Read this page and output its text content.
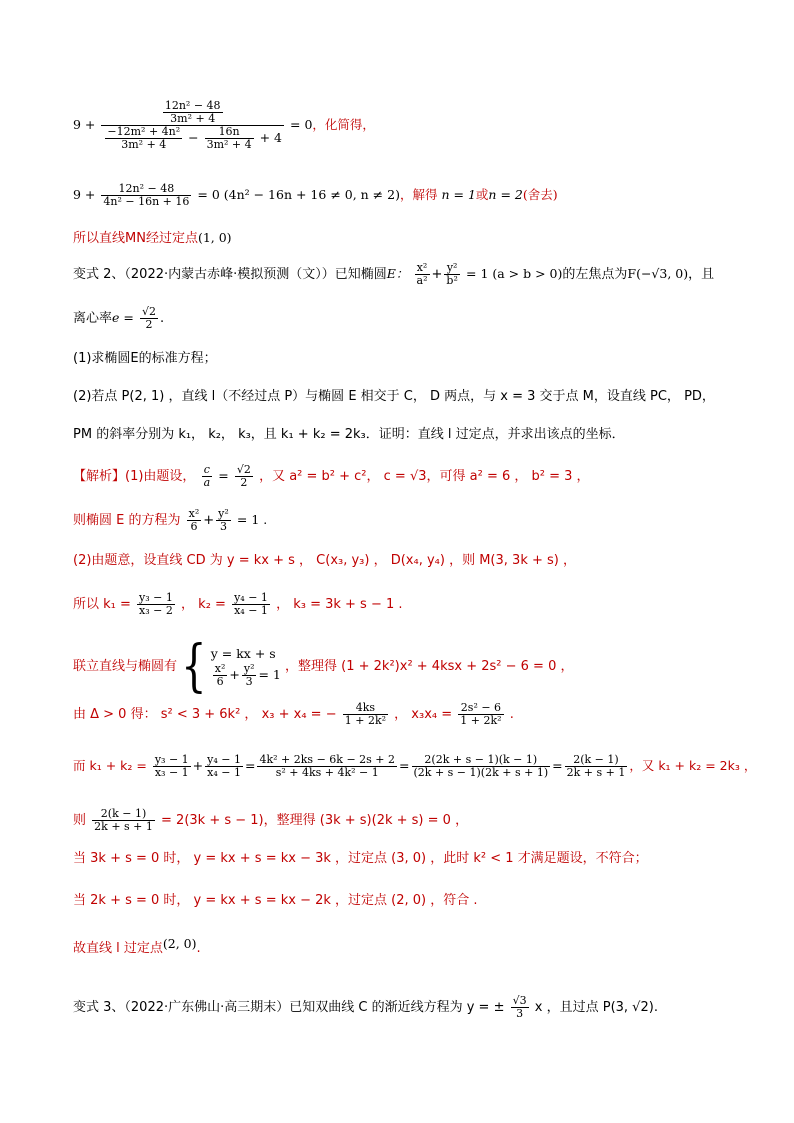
$9 + \frac{\frac{\text{12n² − 48}}{\text{3m² + 4}}}{\frac{\text{−12m² + 4n²}}{\text{3m² + 4}} - \frac{16n}{\text{3m² + 4}} + 4} = 0$，化简得，
$9 + \frac{\text{12n² − 48}}{\text{4n² − 16n + 16}} = 0$ (4n² − 16n + 16 ≠ 0, n ≠ 2)，解得 n = 1或n = 2(舍去)
所以直线MN经过定点(1, 0)
变式 2、（2022·内蒙古赤峰·模拟预测（文））已知椭圆E： $\frac{\text{x²}}{\text{a²}} + \frac{\text{y²}}{\text{b²}} = 1$ (a > b > 0)的左焦点为F(−√3, 0)，且
离心率$e = \frac{√2}{2}$ .
(1)求椭圆E的标准方程；
(2)若点 P(2, 1) ，直线 l（不经过点 P）与椭圆 E 相交于 C， D 两点，与 x = 3 交于点 M，设直线 PC， PD，
PM 的斜率分别为 k₁， k₂， k₃，且 k₁ + k₂ = 2k₃．证明：直线 l 过定点，并求出该点的坐标．
【解析】(1)由题设， $\frac{c}{a} = \frac{√2}{2}$ ，又 a² = b² + c²， c = √3，可得 a² = 6 ， b² = 3 ，
则椭圆 E 的方程为 $\frac{\text{x²}}{6} + \frac{\text{y²}}{3} = 1$ .
(2)由题意，设直线 CD 为 y = kx + s ， C(x₃, y₃) ， D(x₄, y₄) ，则 M(3, 3k + s) ，
所以 $k_1 = \frac{\text{y₃ − 1}}{\text{x₃ − 2}}$ ， $k_2 = \frac{\text{y₄ − 1}}{\text{x₄ − 1}}$ ， k₃ = 3k + s − 1 .
联立直线与椭圆有 { y = kx + s
$\frac{\text{x²}}{6} + \frac{\text{y²}}{3} = 1$
，整理得 (1 + 2k²)x² + 4ksx + 2s² − 6 = 0 ，
由 Δ > 0 得： s² < 3 + 6k² ， x₃ + x₄ = − $\frac{4ks}{\text{1 + 2k²}}$ ， $x_3x_4 = \frac{\text{2s² − 6}}{\text{1 + 2k²}}$ .
而 $k_1 + k_2 = \frac{\text{y₃ − 1}}{\text{x₃ − 1}} + \frac{\text{y₄ − 1}}{\text{x₄ − 1}} = \frac{\text{4k² + 2ks − 6k − 2s + 2}}{\text{s² + 4ks + 4k² − 1}} = \frac{2(2k + s - 1)(k - 1)}{(2k + s - 1)(2k + s + 1)} = \frac{2(k - 1)}{2k + s + 1}$ ，又 k₁ + k₂ = 2k₃ ，
则 $\frac{2(k - 1)}{2k + s + 1} = 2(3k + s - 1)$，整理得 (3k + s)(2k + s) = 0 ，
当 3k + s = 0 时， y = kx + s = kx − 3k ，过定点 (3, 0) ，此时 k² < 1 才满足题设，不符合；
当 2k + s = 0 时， y = kx + s = kx − 2k ，过定点 (2, 0) ，符合 .
故直线 l 过定点(2, 0).
变式 3、（2022·广东佛山·高三期末）已知双曲线 C 的渐近线方程为 y = ± $\frac{√3}{3}$ x ，且过点 P(3, √2).
